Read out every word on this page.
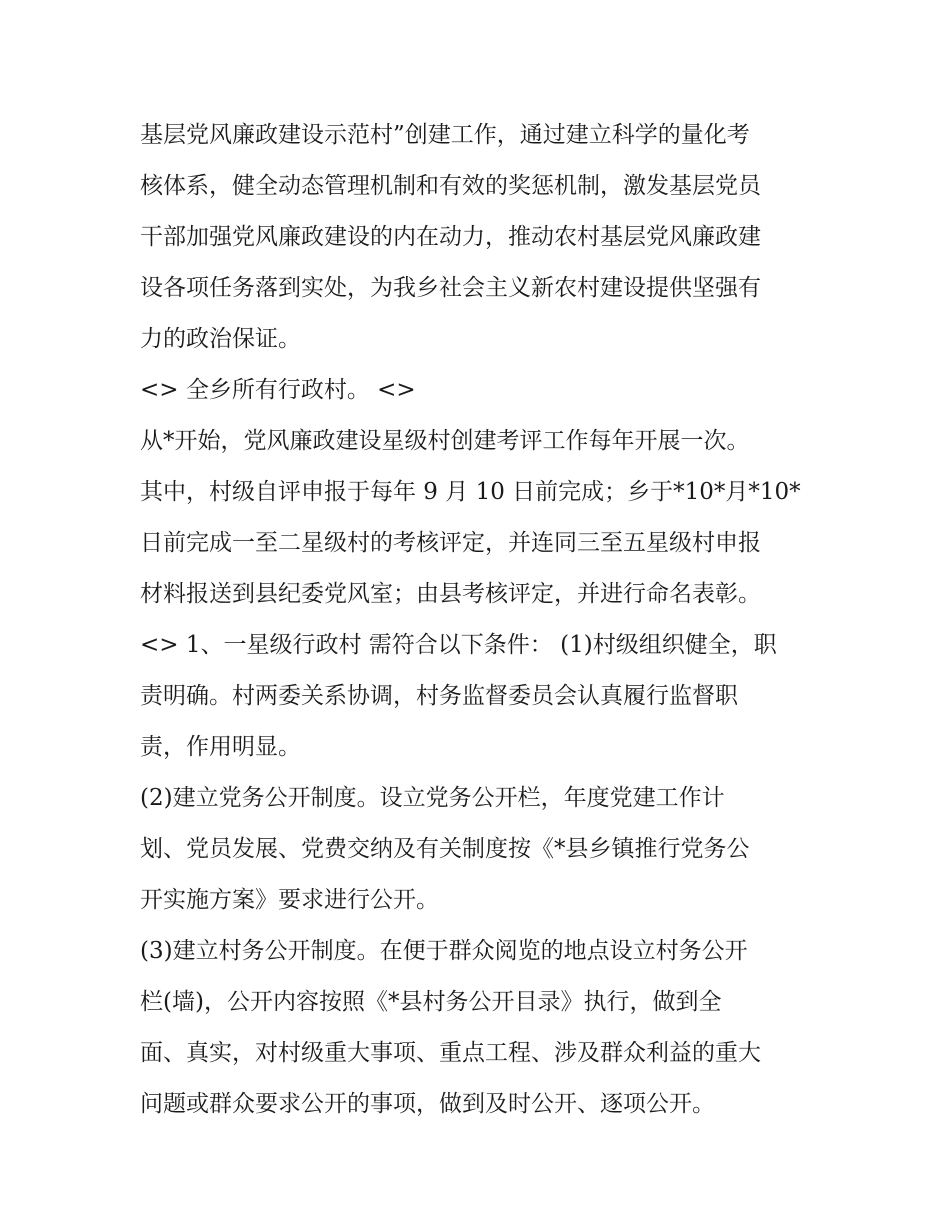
基层党风廉政建设示范村”创建工作，通过建立科学的量化考
核体系，健全动态管理机制和有效的奖惩机制，激发基层党员
干部加强党风廉政建设的内在动力，推动农村基层党风廉政建
设各项任务落到实处，为我乡社会主义新农村建设提供坚强有
力的政治保证。
<> 全乡所有行政村。 <>
从*开始，党风廉政建设星级村创建考评工作每年开展一次。
其中，村级自评申报于每年 9 月 10 日前完成；乡于*10*月*10*
日前完成一至二星级村的考核评定，并连同三至五星级村申报
材料报送到县纪委党风室；由县考核评定，并进行命名表彰。
<> 1、一星级行政村 需符合以下条件： (1)村级组织健全，职
责明确。村两委关系协调，村务监督委员会认真履行监督职
责，作用明显。
(2)建立党务公开制度。设立党务公开栏，年度党建工作计
划、党员发展、党费交纳及有关制度按《*县乡镇推行党务公
开实施方案》要求进行公开。
(3)建立村务公开制度。在便于群众阅览的地点设立村务公开
栏(墙)，公开内容按照《*县村务公开目录》执行，做到全
面、真实，对村级重大事项、重点工程、涉及群众利益的重大
问题或群众要求公开的事项，做到及时公开、逐项公开。
